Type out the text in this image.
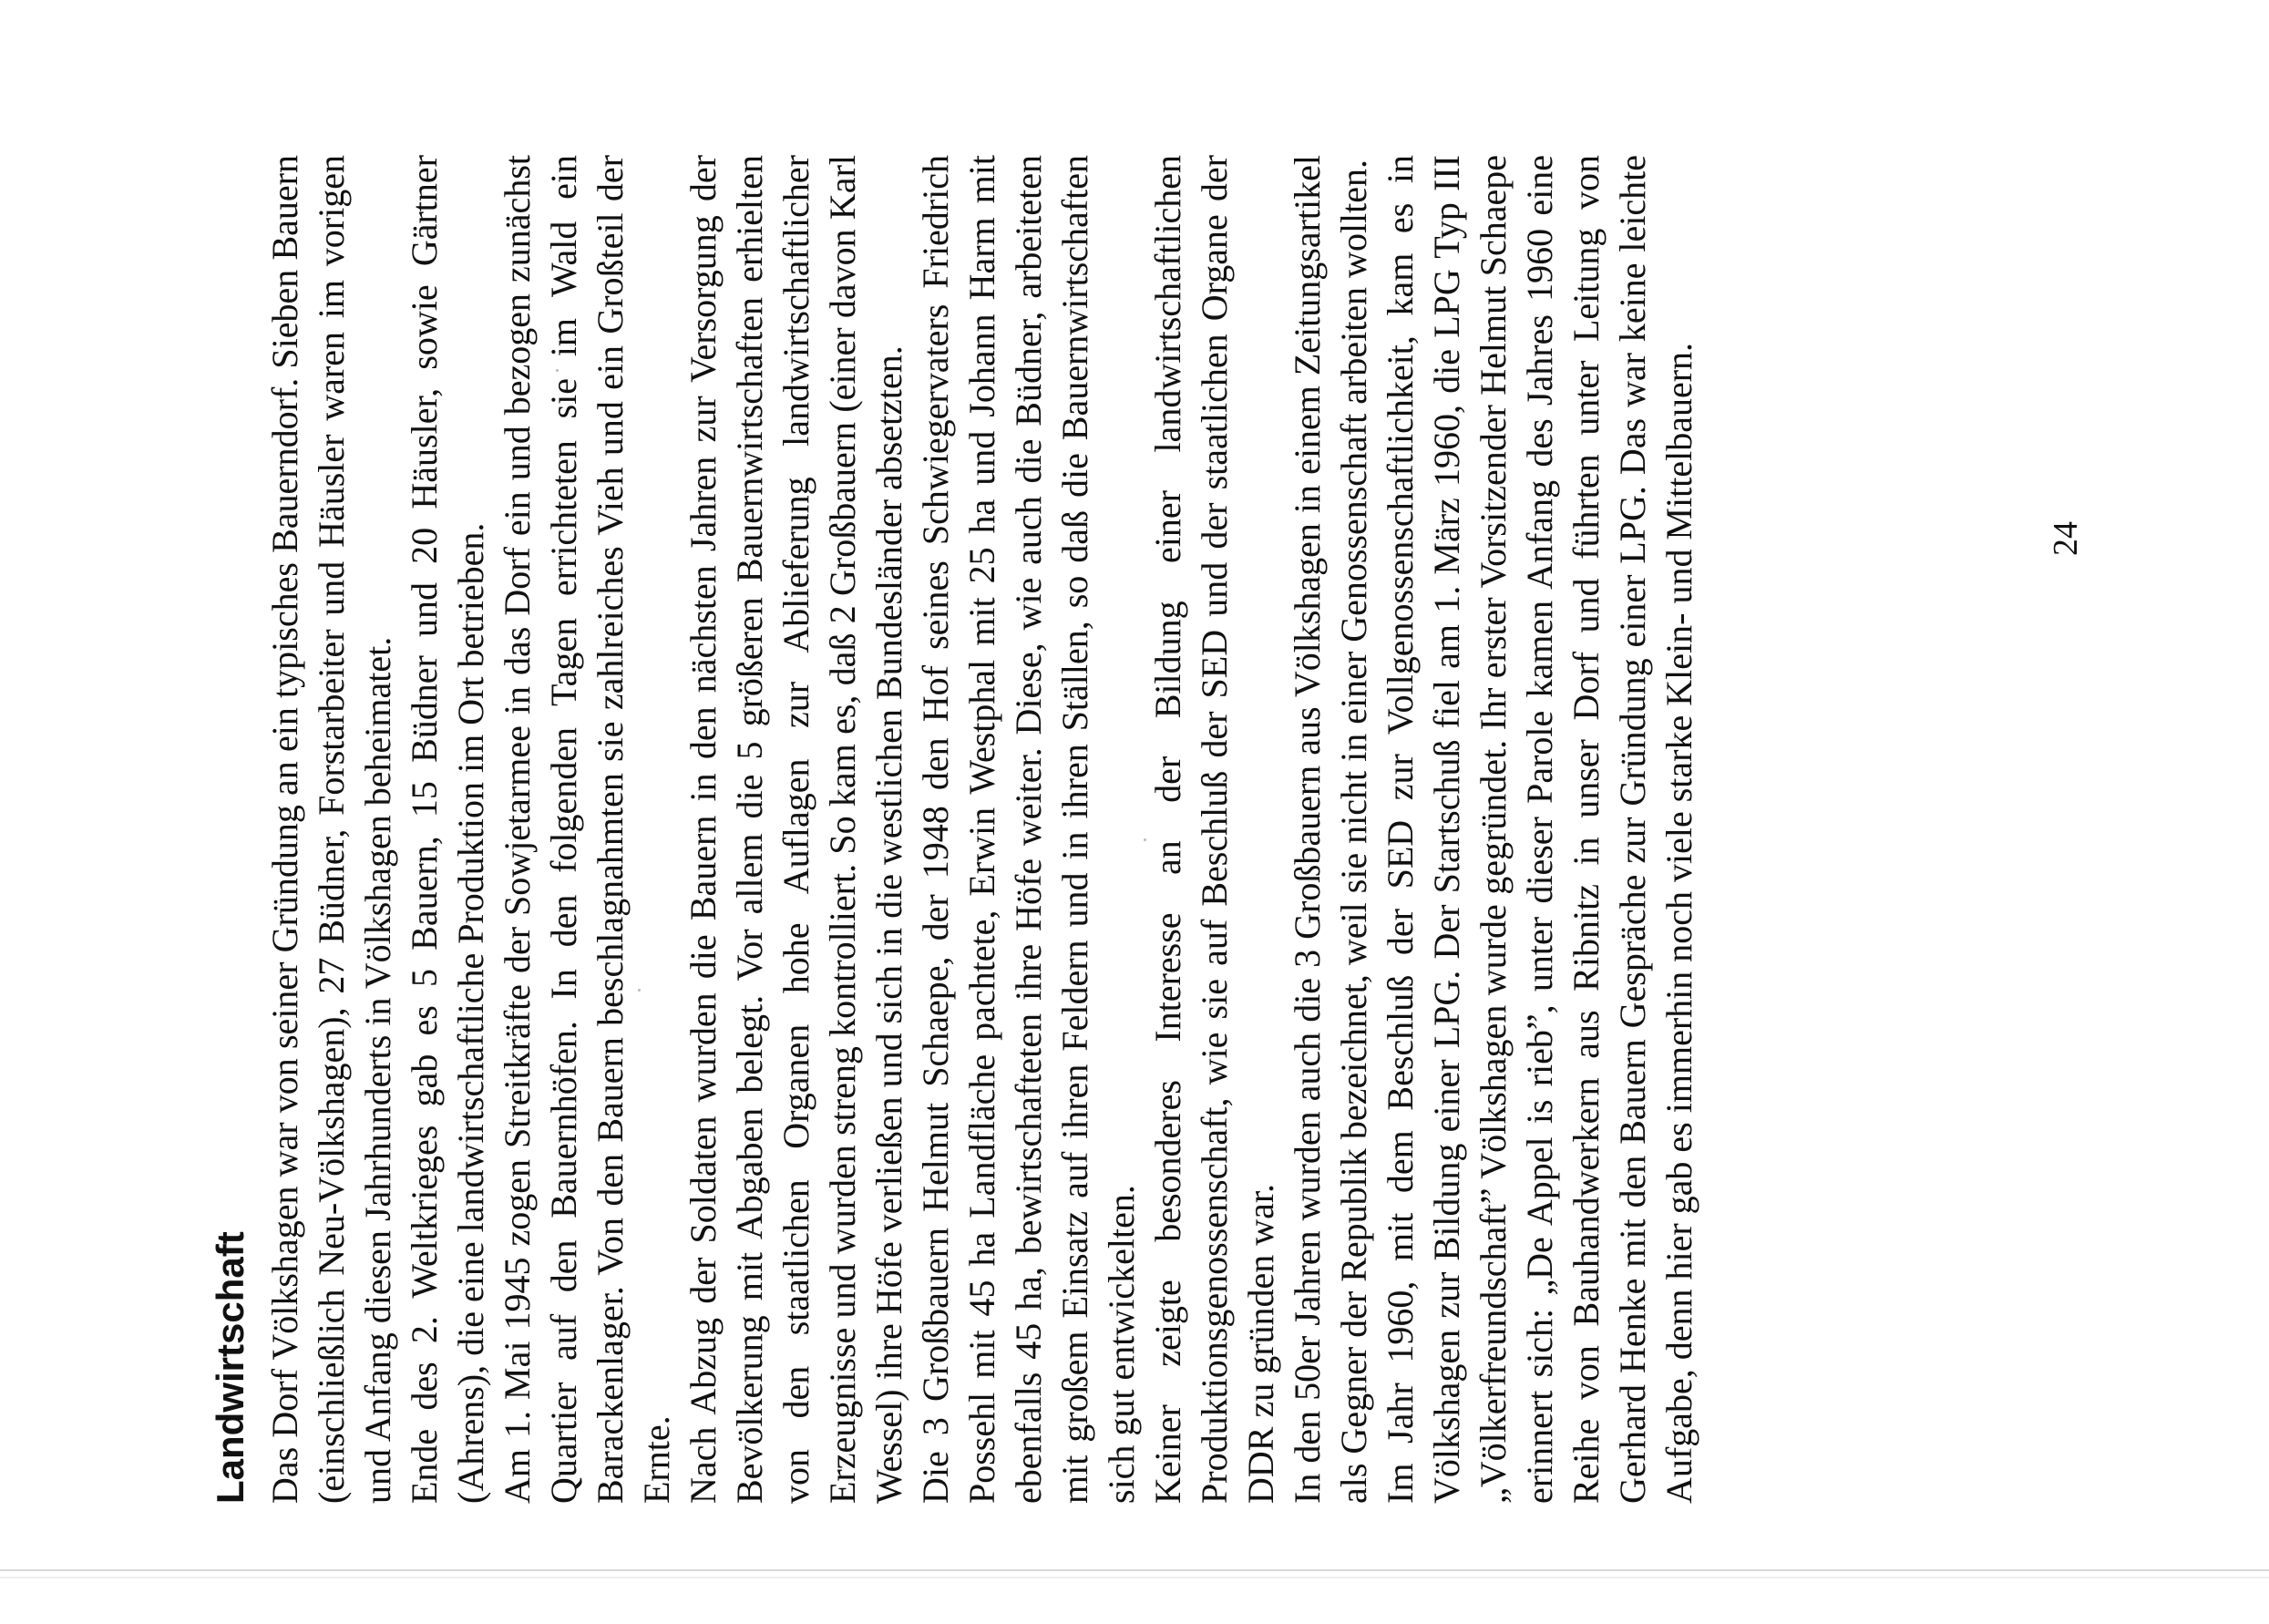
Landwirtschaft Das Dorf Völkshagen war von seiner Gründung an ein typisches Bauerndorf. Sieben Bauern (einschließlich Neu-Völkshagen), 27 Büdner, Forstarbeiter und Häusler waren im vorigen und Anfang diesen Jahrhunderts in Völkshagen beheimatet. Ende des 2. Weltkrieges gab es 5 Bauern, 15 Büdner und 20 Häusler, sowie Gärtner (Ahrens), die eine landwirtschaftliche Produktion im Ort betrieben. Am 1. Mai 1945 zogen Streitkräfte der Sowjetarmee in das Dorf ein und bezogen zunächst Quartier auf den Bauernhöfen. In den folgenden Tagen errichteten sie im Wald ein Barackenlager. Von den Bauern beschlagnahmten sie zahlreiches Vieh und ein Großteil der Ernte. Nach Abzug der Soldaten wurden die Bauern in den nächsten Jahren zur Versorgung der Bevölkerung mit Abgaben belegt. Vor allem die 5 größeren Bauernwirtschaften erhielten von den staatlichen Organen hohe Auflagen zur Ablieferung landwirtschaftlicher Erzeugnisse und wurden streng kontrolliert. So kam es, daß 2 Großbauern (einer davon Karl Wessel) ihre Höfe verließen und sich in die westlichen Bundesländer absetzten. Die 3 Großbauern Helmut Schaepe, der 1948 den Hof seines Schwiegervaters Friedrich Possehl mit 45 ha Landfläche pachtete, Erwin Westphal mit 25 ha und Johann Harm mit ebenfalls 45 ha, bewirtschafteten ihre Höfe weiter. Diese, wie auch die Büdner, arbeiteten mit großem Einsatz auf ihren Feldern und in ihren Ställen, so daß die Bauernwirtschaften sich gut entwickelten. Keiner zeigte besonderes Interesse an der Bildung einer landwirtschaftlichen Produktionsgenossenschaft, wie sie auf Beschluß der SED und der staatlichen Organe der DDR zu gründen war. In den 50er Jahren wurden auch die 3 Großbauern aus Völkshagen in einem Zeitungsartikel als Gegner der Republik bezeichnet, weil sie nicht in einer Genossenschaft arbeiten wollten. Im Jahr 1960, mit dem Beschluß der SED zur Vollgenossenschaftlichkeit, kam es in Völkshagen zur Bildung einer LPG. Der Startschuß fiel am 1. März 1960, die LPG Typ III „Völkerfreundschaft” Völkshagen wurde gegründet. Ihr erster Vorsitzender Helmut Schaepe erinnert sich: „De Appel is rieb”, unter dieser Parole kamen Anfang des Jahres 1960 eine Reihe von Bauhandwerkern aus Ribnitz in unser Dorf und führten unter Leitung von Gerhard Henke mit den Bauern Gespräche zur Gründung einer LPG. Das war keine leichte Aufgabe, denn hier gab es immerhin noch viele starke Klein- und Mittelbauern.	24
